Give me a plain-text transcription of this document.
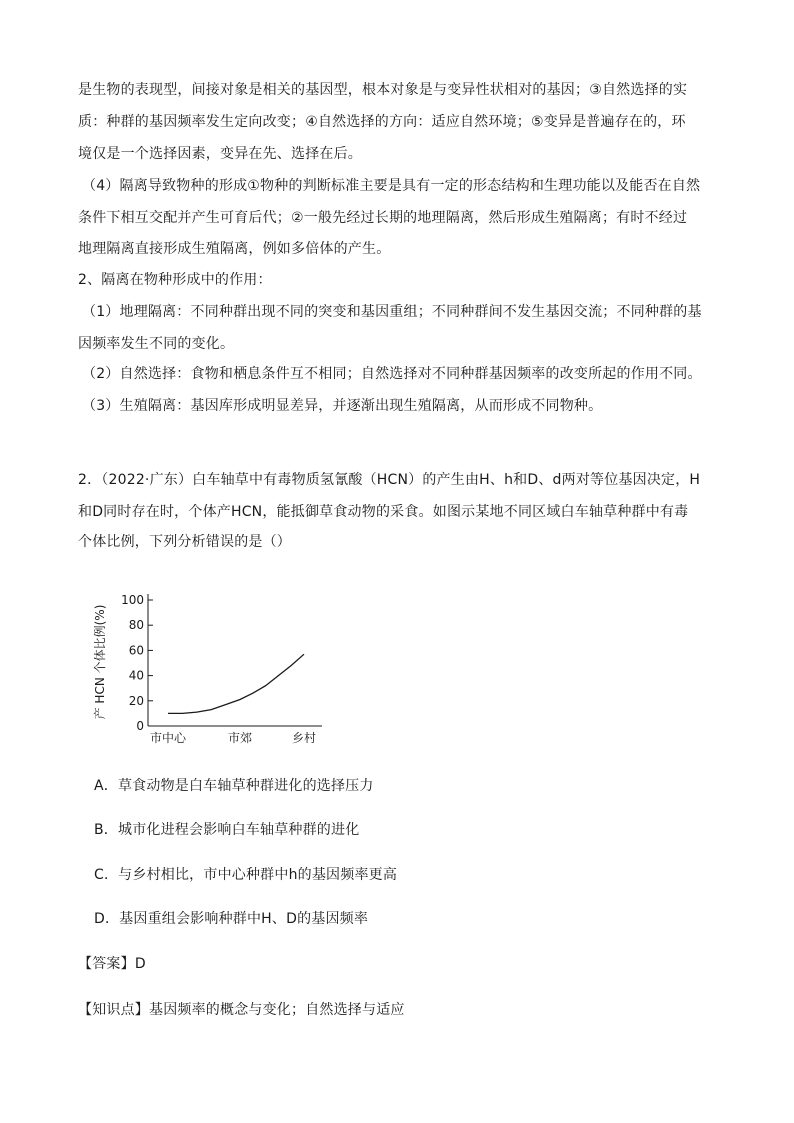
是生物的表现型，间接对象是相关的基因型，根本对象是与变异性状相对的基因；③自然选择的实
质：种群的基因频率发生定向改变；④自然选择的方向：适应自然环境；⑤变异是普遍存在的，环
境仅是一个选择因素，变异在先、选择在后。
（4）隔离导致物种的形成①物种的判断标准主要是具有一定的形态结构和生理功能以及能否在自然
条件下相互交配并产生可育后代；②一般先经过长期的地理隔离，然后形成生殖隔离；有时不经过
地理隔离直接形成生殖隔离，例如多倍体的产生。
2、隔离在物种形成中的作用：
（1）地理隔离：不同种群出现不同的突变和基因重组；不同种群间不发生基因交流；不同种群的基
因频率发生不同的变化。
（2）自然选择：食物和栖息条件互不相同；自然选择对不同种群基因频率的改变所起的作用不同。
（3）生殖隔离：基因库形成明显差异，并逐渐出现生殖隔离，从而形成不同物种。
2．（2022·广东）白车轴草中有毒物质氢氰酸（HCN）的产生由H、h和D、d两对等位基因决定，H
和D同时存在时，个体产HCN，能抵御草食动物的采食。如图示某地不同区域白车轴草种群中有毒
个体比例，下列分析错误的是（）
产 HCN 个体比例(%)
0
20
40
60
80
100
市中心	市郊	乡村
A．草食动物是白车轴草种群进化的选择压力
B．城市化进程会影响白车轴草种群的进化
C．与乡村相比，市中心种群中h的基因频率更高
D．基因重组会影响种群中H、D的基因频率
【答案】D
【知识点】基因频率的概念与变化；自然选择与适应
